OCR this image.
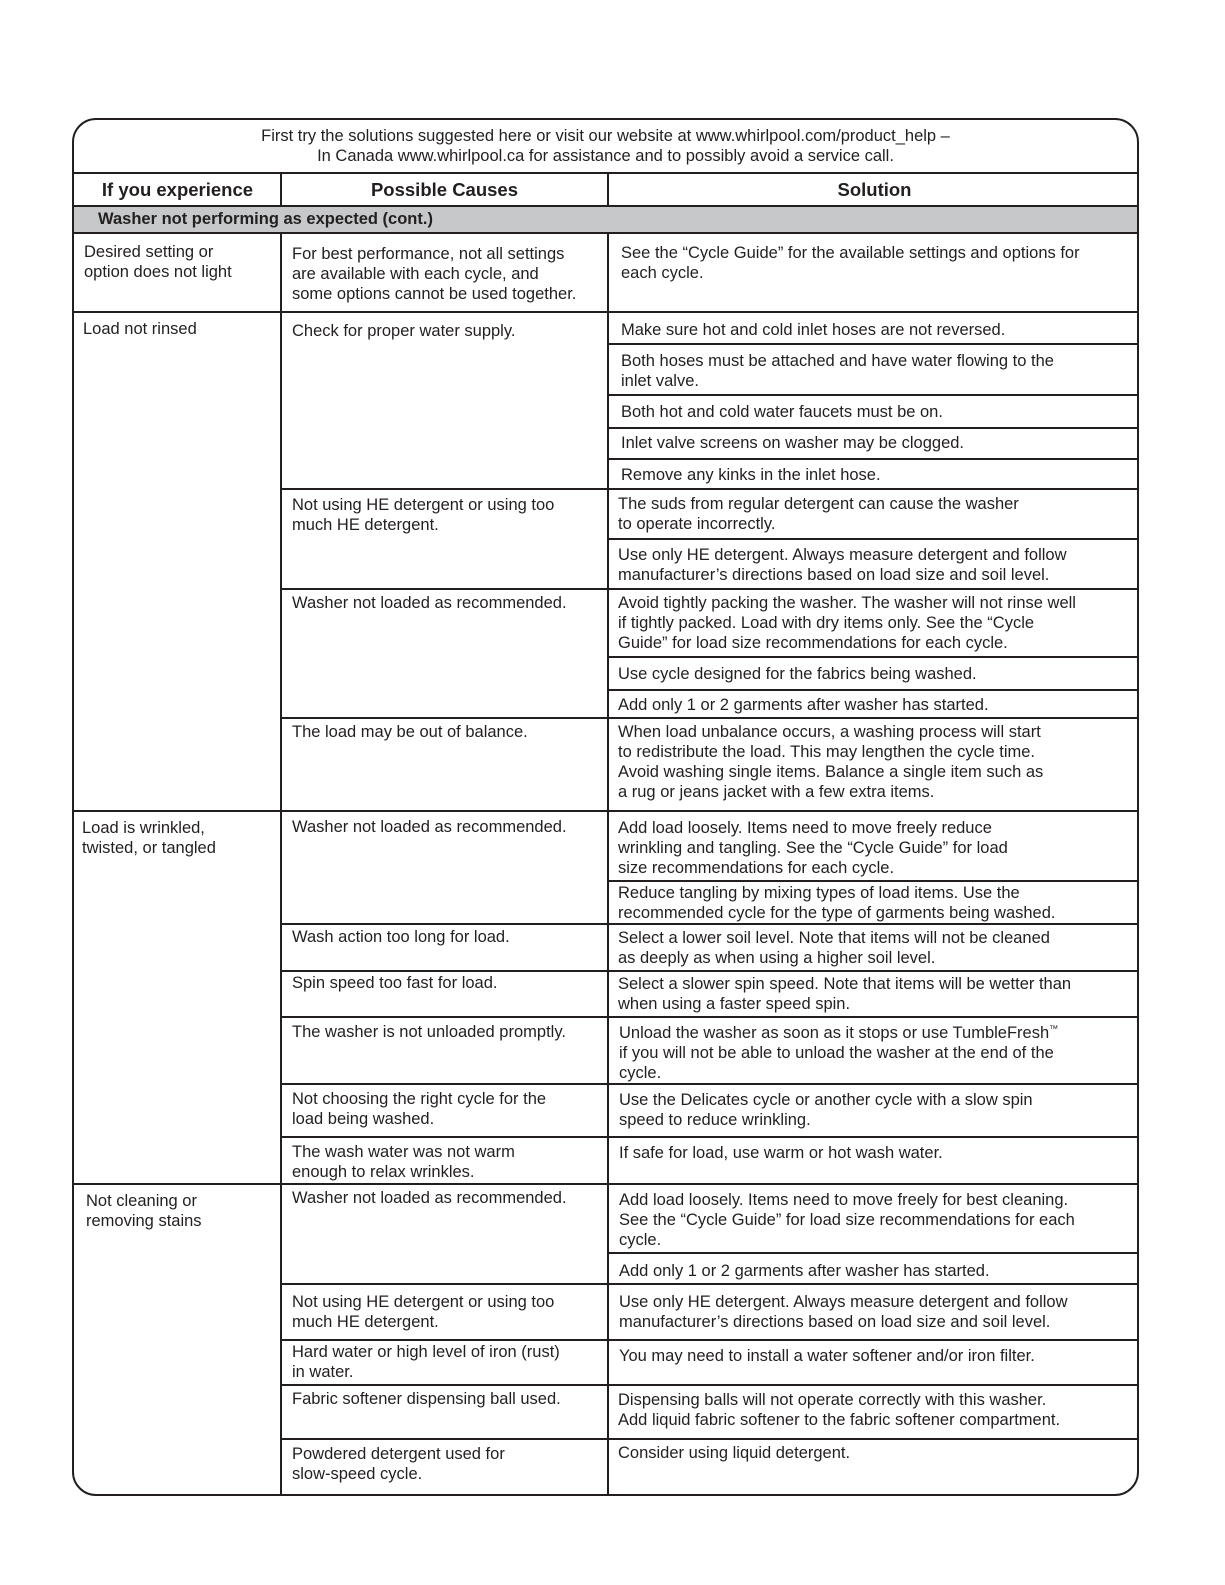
First try the solutions suggested here or visit our website at www.whirlpool.com/product_help –
In Canada www.whirlpool.ca for assistance and to possibly avoid a service call.
If you experience	Possible Causes	Solution
Washer not performing as expected (cont.)
Desired setting or
option does not light
Load not rinsed
Load is wrinkled,
twisted, or tangled
Not cleaning or
removing stains
For best performance, not all settings
are available with each cycle, and
some options cannot be used together.
Check for proper water supply.
Not using HE detergent or using too
much HE detergent.
Washer not loaded as recommended.
The load may be out of balance.
Washer not loaded as recommended.
Wash action too long for load.
Spin speed too fast for load.
The washer is not unloaded promptly.
Not choosing the right cycle for the
load being washed.
The wash water was not warm
enough to relax wrinkles.
Washer not loaded as recommended.
Not using HE detergent or using too
much HE detergent.
Hard water or high level of iron (rust)
in water.
Fabric softener dispensing ball used.
Powdered detergent used for
slow-speed cycle.
See the “Cycle Guide” for the available settings and options for
each cycle.
Make sure hot and cold inlet hoses are not reversed.
Both hoses must be attached and have water flowing to the
inlet valve.
Both hot and cold water faucets must be on.
Inlet valve screens on washer may be clogged.
Remove any kinks in the inlet hose.
The suds from regular detergent can cause the washer
to operate incorrectly.
Use only HE detergent. Always measure detergent and follow
manufacturer’s directions based on load size and soil level.
Avoid tightly packing the washer. The washer will not rinse well
if tightly packed. Load with dry items only. See the “Cycle
Guide” for load size recommendations for each cycle.
Use cycle designed for the fabrics being washed.
Add only 1 or 2 garments after washer has started.
When load unbalance occurs, a washing process will start
to redistribute the load. This may lengthen the cycle time.
Avoid washing single items. Balance a single item such as
a rug or jeans jacket with a few extra items.
Add load loosely. Items need to move freely reduce
wrinkling and tangling. See the “Cycle Guide” for load
size recommendations for each cycle.
Reduce tangling by mixing types of load items. Use the
recommended cycle for the type of garments being washed.
Select a lower soil level. Note that items will not be cleaned
as deeply as when using a higher soil level.
Select a slower spin speed. Note that items will be wetter than
when using a faster speed spin.
Unload the washer as soon as it stops or use TumbleFresh™
if you will not be able to unload the washer at the end of the
cycle.
Use the Delicates cycle or another cycle with a slow spin
speed to reduce wrinkling.
If safe for load, use warm or hot wash water.
Add load loosely. Items need to move freely for best cleaning.
See the “Cycle Guide” for load size recommendations for each
cycle.
Add only 1 or 2 garments after washer has started.
Use only HE detergent. Always measure detergent and follow
manufacturer’s directions based on load size and soil level.
You may need to install a water softener and/or iron filter.
Dispensing balls will not operate correctly with this washer.
Add liquid fabric softener to the fabric softener compartment.
Consider using liquid detergent.
